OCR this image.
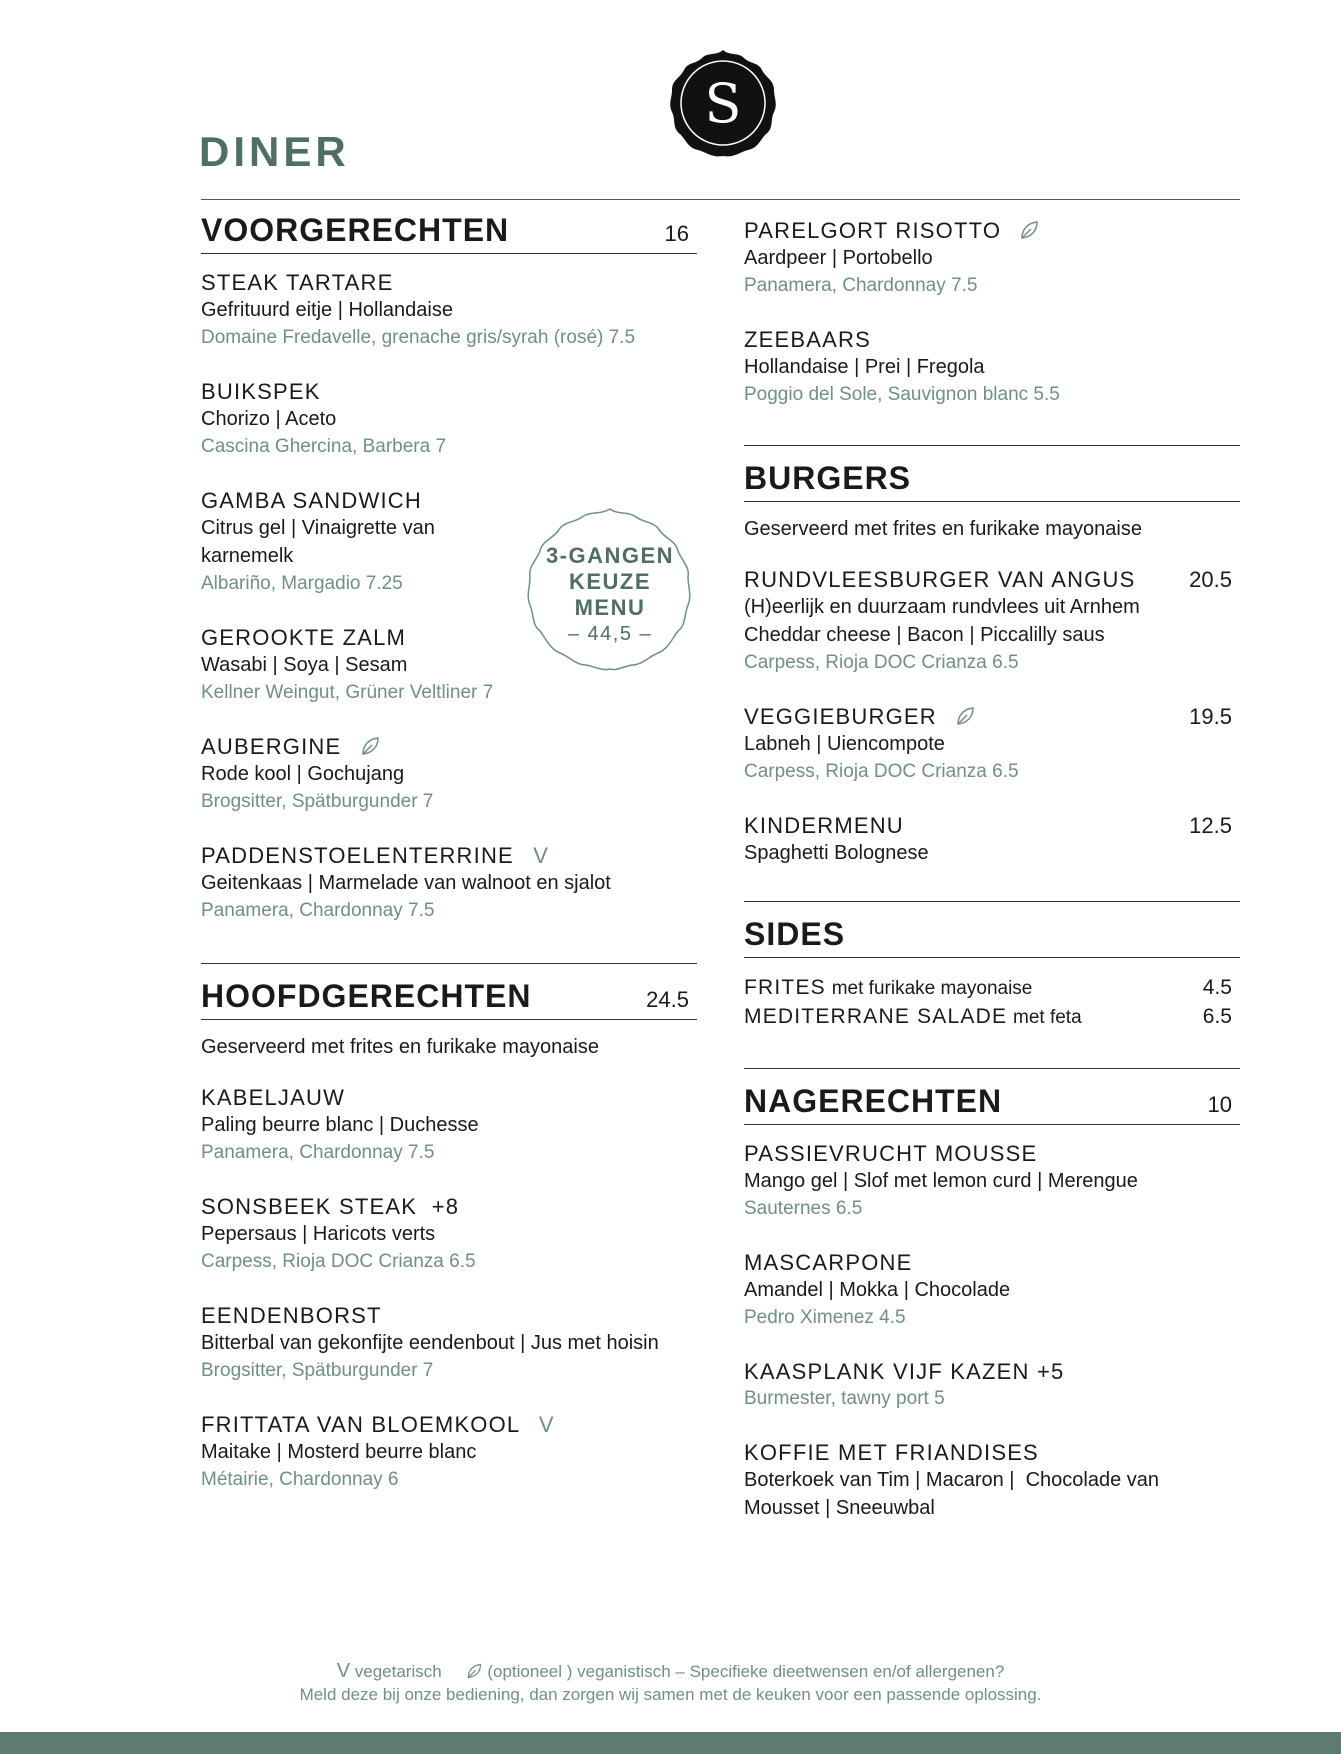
S
DINER
VOORGERECHTEN	16
STEAK TARTARE
Gefrituurd eitje | Hollandaise
Domaine Fredavelle, grenache gris/syrah (rosé) 7.5
BUIKSPEK
Chorizo | Aceto
Cascina Ghercina, Barbera 7
GAMBA SANDWICH
Citrus gel | Vinaigrette van
karnemelk
Albariño, Margadio 7.25
GEROOKTE ZALM
Wasabi | Soya | Sesam
Kellner Weingut, Grüner Veltliner 7
AUBERGINE
Rode kool | Gochujang
Brogsitter, Spätburgunder 7
PADDENSTOELENTERRINE V
Geitenkaas | Marmelade van walnoot en sjalot
Panamera, Chardonnay 7.5
HOOFDGERECHTEN	24.5
Geserveerd met frites en furikake mayonaise
KABELJAUW
Paling beurre blanc | Duchesse
Panamera, Chardonnay 7.5
SONSBEEK STEAK  +8
Pepersaus | Haricots verts
Carpess, Rioja DOC Crianza 6.5
EENDENBORST
Bitterbal van gekonfijte eendenbout | Jus met hoisin
Brogsitter, Spätburgunder 7
FRITTATA VAN BLOEMKOOL V
Maitake | Mosterd beurre blanc
Métairie, Chardonnay 6
3-GANGEN
KEUZE
MENU
– 44,5 –
PARELGORT RISOTTO
Aardpeer | Portobello
Panamera, Chardonnay 7.5
ZEEBAARS
Hollandaise | Prei | Fregola
Poggio del Sole, Sauvignon blanc 5.5
BURGERS
Geserveerd met frites en furikake mayonaise
RUNDVLEESBURGER VAN ANGUS 20.5
(H)eerlijk en duurzaam rundvlees uit Arnhem
Cheddar cheese | Bacon | Piccalilly saus
Carpess, Rioja DOC Crianza 6.5
VEGGIEBURGER	19.5
Labneh | Uiencompote
Carpess, Rioja DOC Crianza 6.5
KINDERMENU	12.5
Spaghetti Bolognese
SIDES
FRITES met furikake mayonaise	4.5
MEDITERRANE SALADE met feta	6.5
NAGERECHTEN	10
PASSIEVRUCHT MOUSSE
Mango gel | Slof met lemon curd | Merengue
Sauternes 6.5
MASCARPONE
Amandel | Mokka | Chocolade
Pedro Ximenez 4.5
KAASPLANK VIJF KAZEN +5
Burmester, tawny port 5
KOFFIE MET FRIANDISES
Boterkoek van Tim | Macaron |  Chocolade van
Mousset | Sneeuwbal
V vegetarisch	(optioneel ) veganistisch – Specifieke dieetwensen en/of allergenen?
Meld deze bij onze bediening, dan zorgen wij samen met de keuken voor een passende oplossing.
